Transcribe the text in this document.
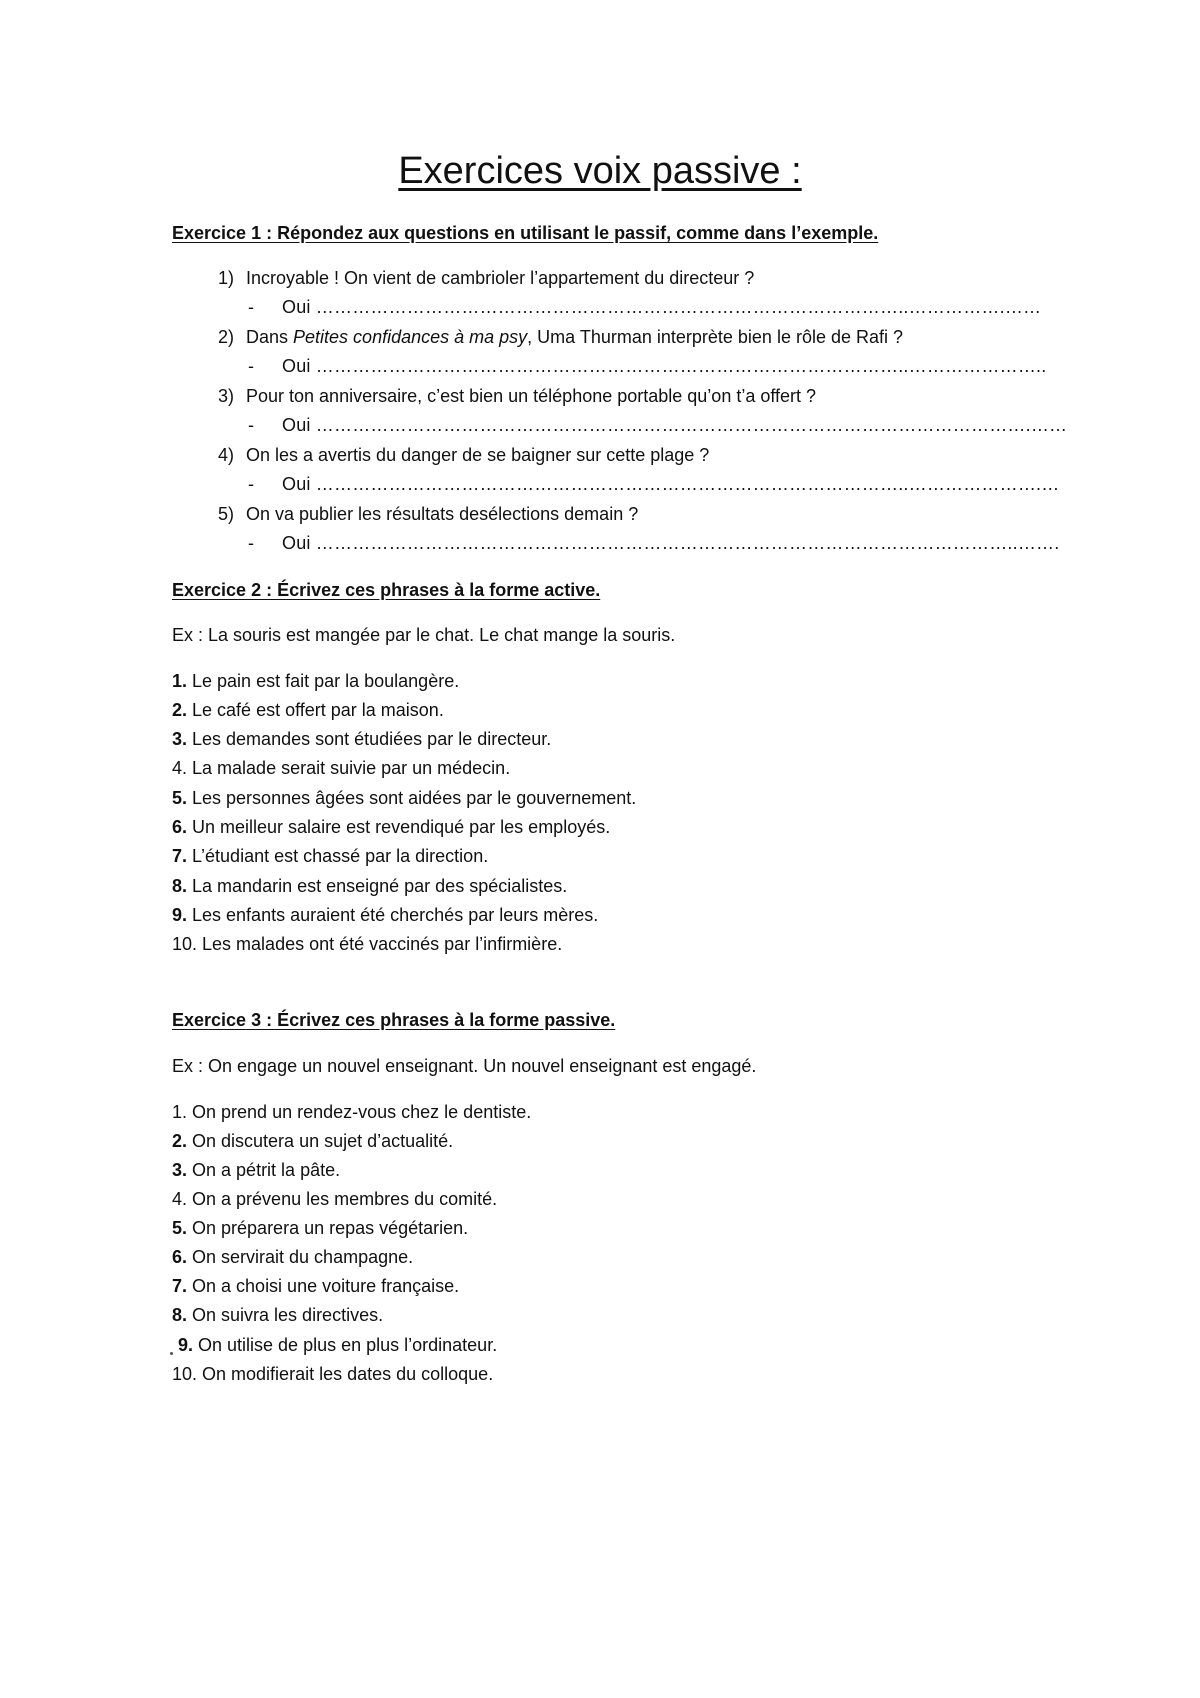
Exercices voix passive :
Exercice 1 : Répondez aux questions en utilisant le passif, comme dans l’exemple.
1) Incroyable ! On vient de cambrioler l’appartement du directeur ?
- Oui ……………………………………………………………………………………..…………….……
2) Dans Petites confidances à ma psy, Uma Thurman interprète bien le rôle de Rafi ?
- Oui ……………………………………………………………………………………..…………………..
3) Pour ton anniversaire, c’est bien un téléphone portable qu’on t’a offert ?
- Oui ……………………………………………………………………………………………………….……
4) On les a avertis du danger de se baigner sur cette plage ?
- Oui ……………………………………………………………………………………..………………….…
5) On va publier les résultats desélections demain ?
- Oui ……………………………………………………………………………………………………..…….
Exercice 2 : Écrivez ces phrases à la forme active.
Ex : La souris est mangée par le chat. Le chat mange la souris.
1. Le pain est fait par la boulangère.
2. Le café est offert par la maison.
3. Les demandes sont étudiées par le directeur.
4. La malade serait suivie par un médecin.
5. Les personnes âgées sont aidées par le gouvernement.
6. Un meilleur salaire est revendiqué par les employés.
7. L’étudiant est chassé par la direction.
8. La mandarin est enseigné par des spécialistes.
9. Les enfants auraient été cherchés par leurs mères.
10. Les malades ont été vaccinés par l’infirmière.
Exercice 3 : Écrivez ces phrases à la forme passive.
Ex : On engage un nouvel enseignant. Un nouvel enseignant est engagé.
1. On prend un rendez-vous chez le dentiste.
2. On discutera un sujet d’actualité.
3. On a pétrit la pâte.
4. On a prévenu les membres du comité.
5. On préparera un repas végétarien.
6. On servirait du champagne.
7. On a choisi une voiture française.
8. On suivra les directives.
9. On utilise de plus en plus l’ordinateur.
10. On modifierait les dates du colloque.
